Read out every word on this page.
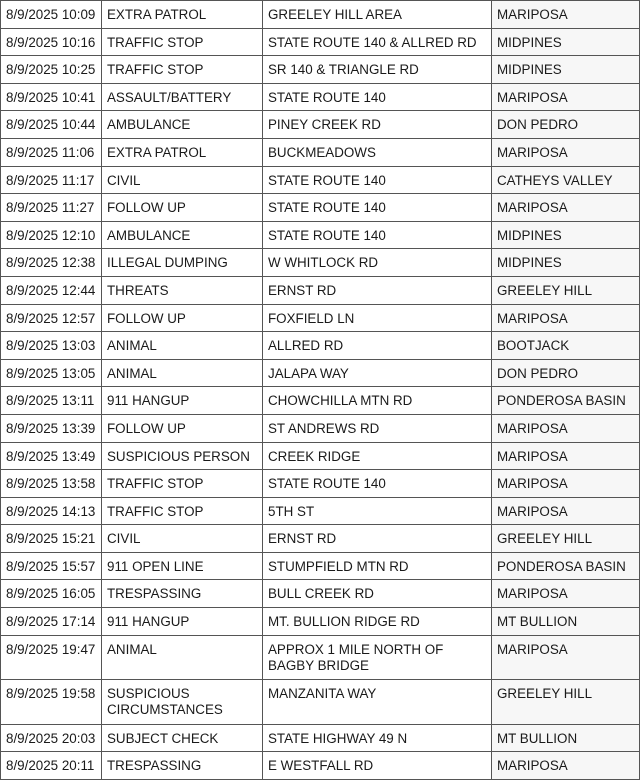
8/9/2025 10:09	EXTRA PATROL	GREELEY HILL AREA	MARIPOSA
8/9/2025 10:16	TRAFFIC STOP	STATE ROUTE 140 & ALLRED RD	MIDPINES
8/9/2025 10:25	TRAFFIC STOP	SR 140 & TRIANGLE RD	MIDPINES
8/9/2025 10:41	ASSAULT/BATTERY	STATE ROUTE 140	MARIPOSA
8/9/2025 10:44	AMBULANCE	PINEY CREEK RD	DON PEDRO
8/9/2025 11:06	EXTRA PATROL	BUCKMEADOWS	MARIPOSA
8/9/2025 11:17	CIVIL	STATE ROUTE 140	CATHEYS VALLEY
8/9/2025 11:27	FOLLOW UP	STATE ROUTE 140	MARIPOSA
8/9/2025 12:10	AMBULANCE	STATE ROUTE 140	MIDPINES
8/9/2025 12:38	ILLEGAL DUMPING	W WHITLOCK RD	MIDPINES
8/9/2025 12:44	THREATS	ERNST RD	GREELEY HILL
8/9/2025 12:57	FOLLOW UP	FOXFIELD LN	MARIPOSA
8/9/2025 13:03	ANIMAL	ALLRED RD	BOOTJACK
8/9/2025 13:05	ANIMAL	JALAPA WAY	DON PEDRO
8/9/2025 13:11	911 HANGUP	CHOWCHILLA MTN RD	PONDEROSA BASIN
8/9/2025 13:39	FOLLOW UP	ST ANDREWS RD	MARIPOSA
8/9/2025 13:49	SUSPICIOUS PERSON	CREEK RIDGE	MARIPOSA
8/9/2025 13:58	TRAFFIC STOP	STATE ROUTE 140	MARIPOSA
8/9/2025 14:13	TRAFFIC STOP	5TH ST	MARIPOSA
8/9/2025 15:21	CIVIL	ERNST RD	GREELEY HILL
8/9/2025 15:57	911 OPEN LINE	STUMPFIELD MTN RD	PONDEROSA BASIN
8/9/2025 16:05	TRESPASSING	BULL CREEK RD	MARIPOSA
8/9/2025 17:14	911 HANGUP	MT. BULLION RIDGE RD	MT BULLION
8/9/2025 19:47	ANIMAL	APPROX 1 MILE NORTH OF BAGBY BRIDGE	MARIPOSA
8/9/2025 19:58	SUSPICIOUS CIRCUMSTANCES	MANZANITA WAY	GREELEY HILL
8/9/2025 20:03	SUBJECT CHECK	STATE HIGHWAY 49 N	MT BULLION
8/9/2025 20:11	TRESPASSING	E WESTFALL RD	MARIPOSA
